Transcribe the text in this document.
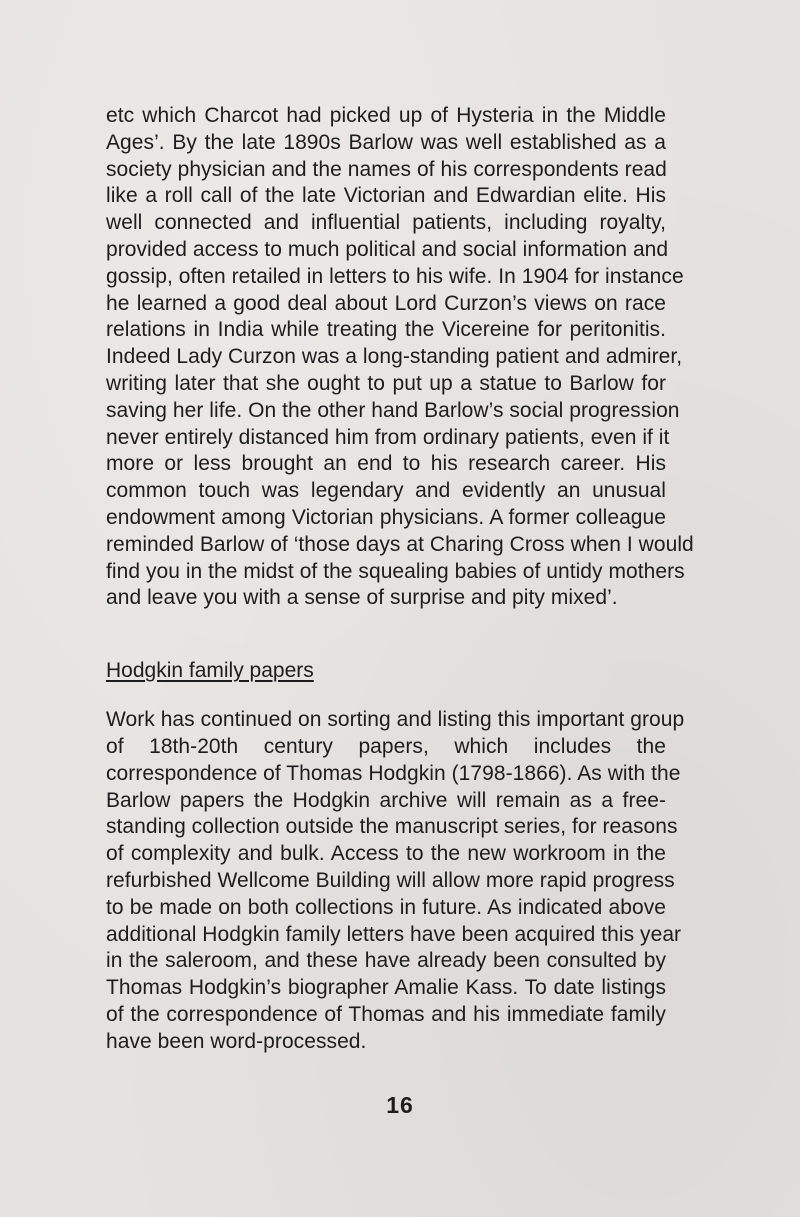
etc which Charcot had picked up of Hysteria in the Middle
Ages’. By the late 1890s Barlow was well established as a
society physician and the names of his correspondents read
like a roll call of the late Victorian and Edwardian elite. His
well connected and influential patients, including royalty,
provided access to much political and social information and
gossip, often retailed in letters to his wife. In 1904 for instance
he learned a good deal about Lord Curzon’s views on race
relations in India while treating the Vicereine for peritonitis.
Indeed Lady Curzon was a long-standing patient and admirer,
writing later that she ought to put up a statue to Barlow for
saving her life. On the other hand Barlow’s social progression
never entirely distanced him from ordinary patients, even if it
more or less brought an end to his research career. His
common touch was legendary and evidently an unusual
endowment among Victorian physicians. A former colleague
reminded Barlow of ‘those days at Charing Cross when I would
find you in the midst of the squealing babies of untidy mothers
and leave you with a sense of surprise and pity mixed’.
Hodgkin family papers
Work has continued on sorting and listing this important group
of 18th-20th century papers, which includes the
correspondence of Thomas Hodgkin (1798-1866). As with the
Barlow papers the Hodgkin archive will remain as a free-
standing collection outside the manuscript series, for reasons
of complexity and bulk. Access to the new workroom in the
refurbished Wellcome Building will allow more rapid progress
to be made on both collections in future. As indicated above
additional Hodgkin family letters have been acquired this year
in the saleroom, and these have already been consulted by
Thomas Hodgkin’s biographer Amalie Kass. To date listings
of the correspondence of Thomas and his immediate family
have been word-processed.
16
